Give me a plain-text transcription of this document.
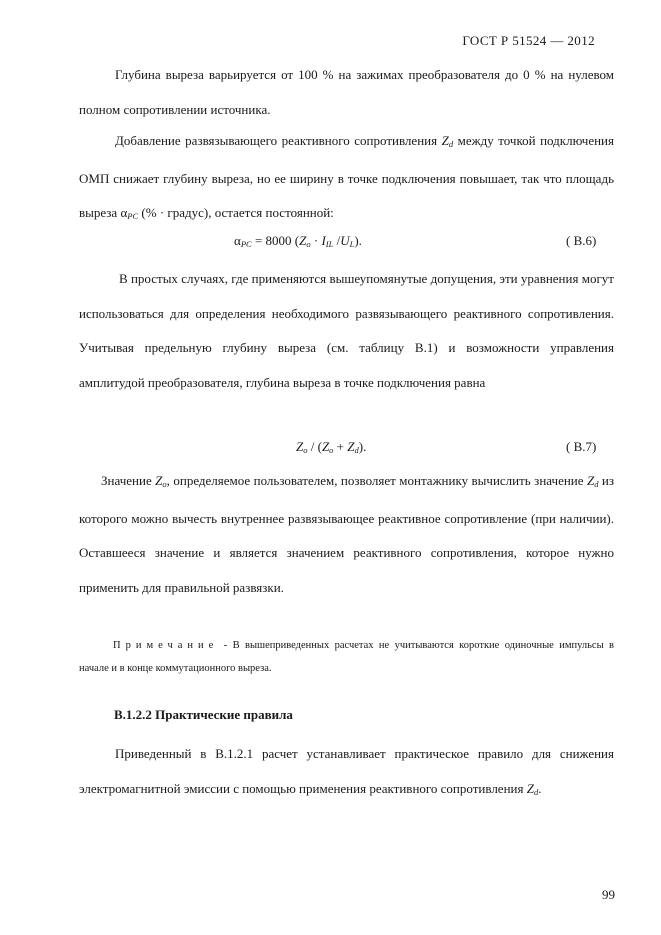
ГОСТ Р 51524 — 2012

Глубина выреза варьируется от 100 % на зажимах преобразователя до 0 % на нулевом полном сопротивлении источника.

Добавление развязывающего реактивного сопротивления $Z_d$ между точкой подключения ОМП снижает глубину выреза, но ее ширину в точке подключения повышает, так что площадь выреза $\alpha_{PC}$ (% · градус), остается постоянной:

$\alpha_{PC} = 8000$ ($Z_o \cdot I_{IL}$ $/U_L$).	( В.6)

В простых случаях, где применяются вышеупомянутые допущения, эти уравнения могут использоваться для определения необходимого развязывающего реактивного сопротивления. Учитывая предельную глубину выреза (см. таблицу В.1) и возможности управления амплитудой преобразователя, глубина выреза в точке подключения равна

$Z_o / (Z_o + Z_d)$.	( В.7)

Значение $Z_o$, определяемое пользователем, позволяет монтажнику вычислить значение $Z_d$ из которого можно вычесть внутреннее развязывающее реактивное сопротивление (при наличии). Оставшееся значение и является значением реактивного сопротивления, которое нужно применить для правильной развязки.

Примечание - В вышеприведенных расчетах не учитываются короткие одиночные импульсы в начале и в конце коммутационного выреза.

В.1.2.2 Практические правила

Приведенный в В.1.2.1 расчет устанавливает практическое правило для снижения электромагнитной эмиссии с помощью применения реактивного сопротивления $Z_d$.

99
